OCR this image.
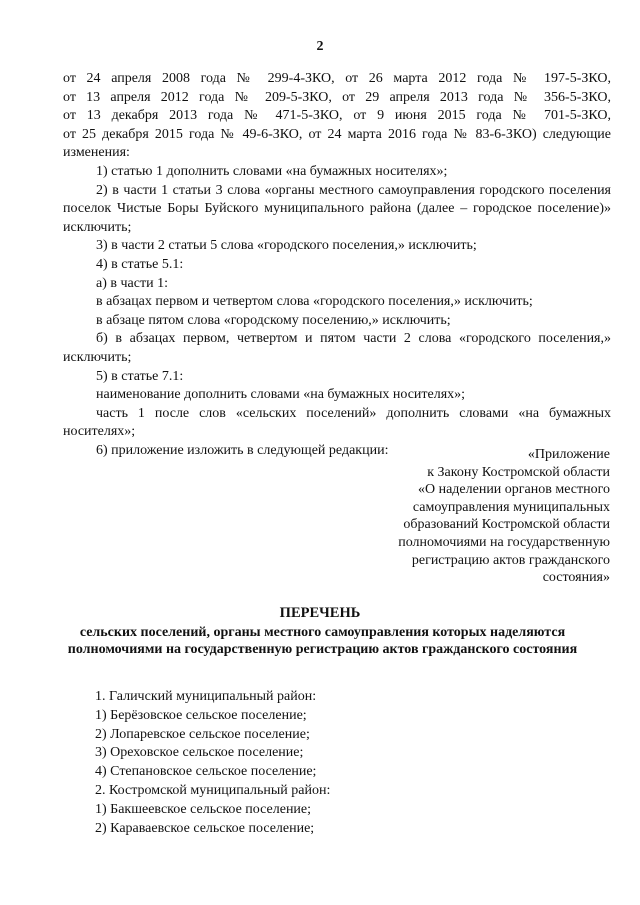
2

от 24 апреля 2008 года № 299-4-ЗКО, от 26 марта 2012 года № 197-5-ЗКО,

от 13 апреля 2012 года № 209-5-ЗКО, от 29 апреля 2013 года № 356-5-ЗКО,

от 13 декабря 2013 года № 471-5-ЗКО, от 9 июня 2015 года № 701-5-ЗКО,

от 25 декабря 2015 года № 49-6-ЗКО, от 24 марта 2016 года № 83-6-ЗКО) следующие

изменения:

1) статью 1 дополнить словами «на бумажных носителях»;

2) в части 1 статьи 3 слова «органы местного самоуправления городского поселения поселок Чистые Боры Буйского муниципального района (далее – городское поселение)» исключить;

3) в части 2 статьи 5 слова «городского поселения,» исключить;

4) в статье 5.1:

а) в части 1:

в абзацах первом и четвертом слова «городского поселения,» исключить;

в абзаце пятом слова «городскому поселению,» исключить;

б) в абзацах первом, четвертом и пятом части 2 слова «городского поселения,» исключить;

5) в статье 7.1:

наименование дополнить словами «на бумажных носителях»;

часть 1 после слов «сельских поселений» дополнить словами «на бумажных носителях»;

6) приложение изложить в следующей редакции:	«Приложение
к Закону Костромской области
«О наделении органов местного
самоуправления муниципальных
образований Костромской области
полномочиями на государственную
регистрацию актов гражданского
состояния»
ПЕРЕЧЕНЬ
сельских поселений, органы местного самоуправления которых наделяются полномочиями на государственную регистрацию актов гражданского состояния
1. Галичский муниципальный район:
1) Берёзовское сельское поселение;
2) Лопаревское сельское поселение;
3) Ореховское сельское поселение;
4) Степановское сельское поселение;
2. Костромской муниципальный район:
1) Бакшеевское сельское поселение;
2) Караваевское сельское поселение;
